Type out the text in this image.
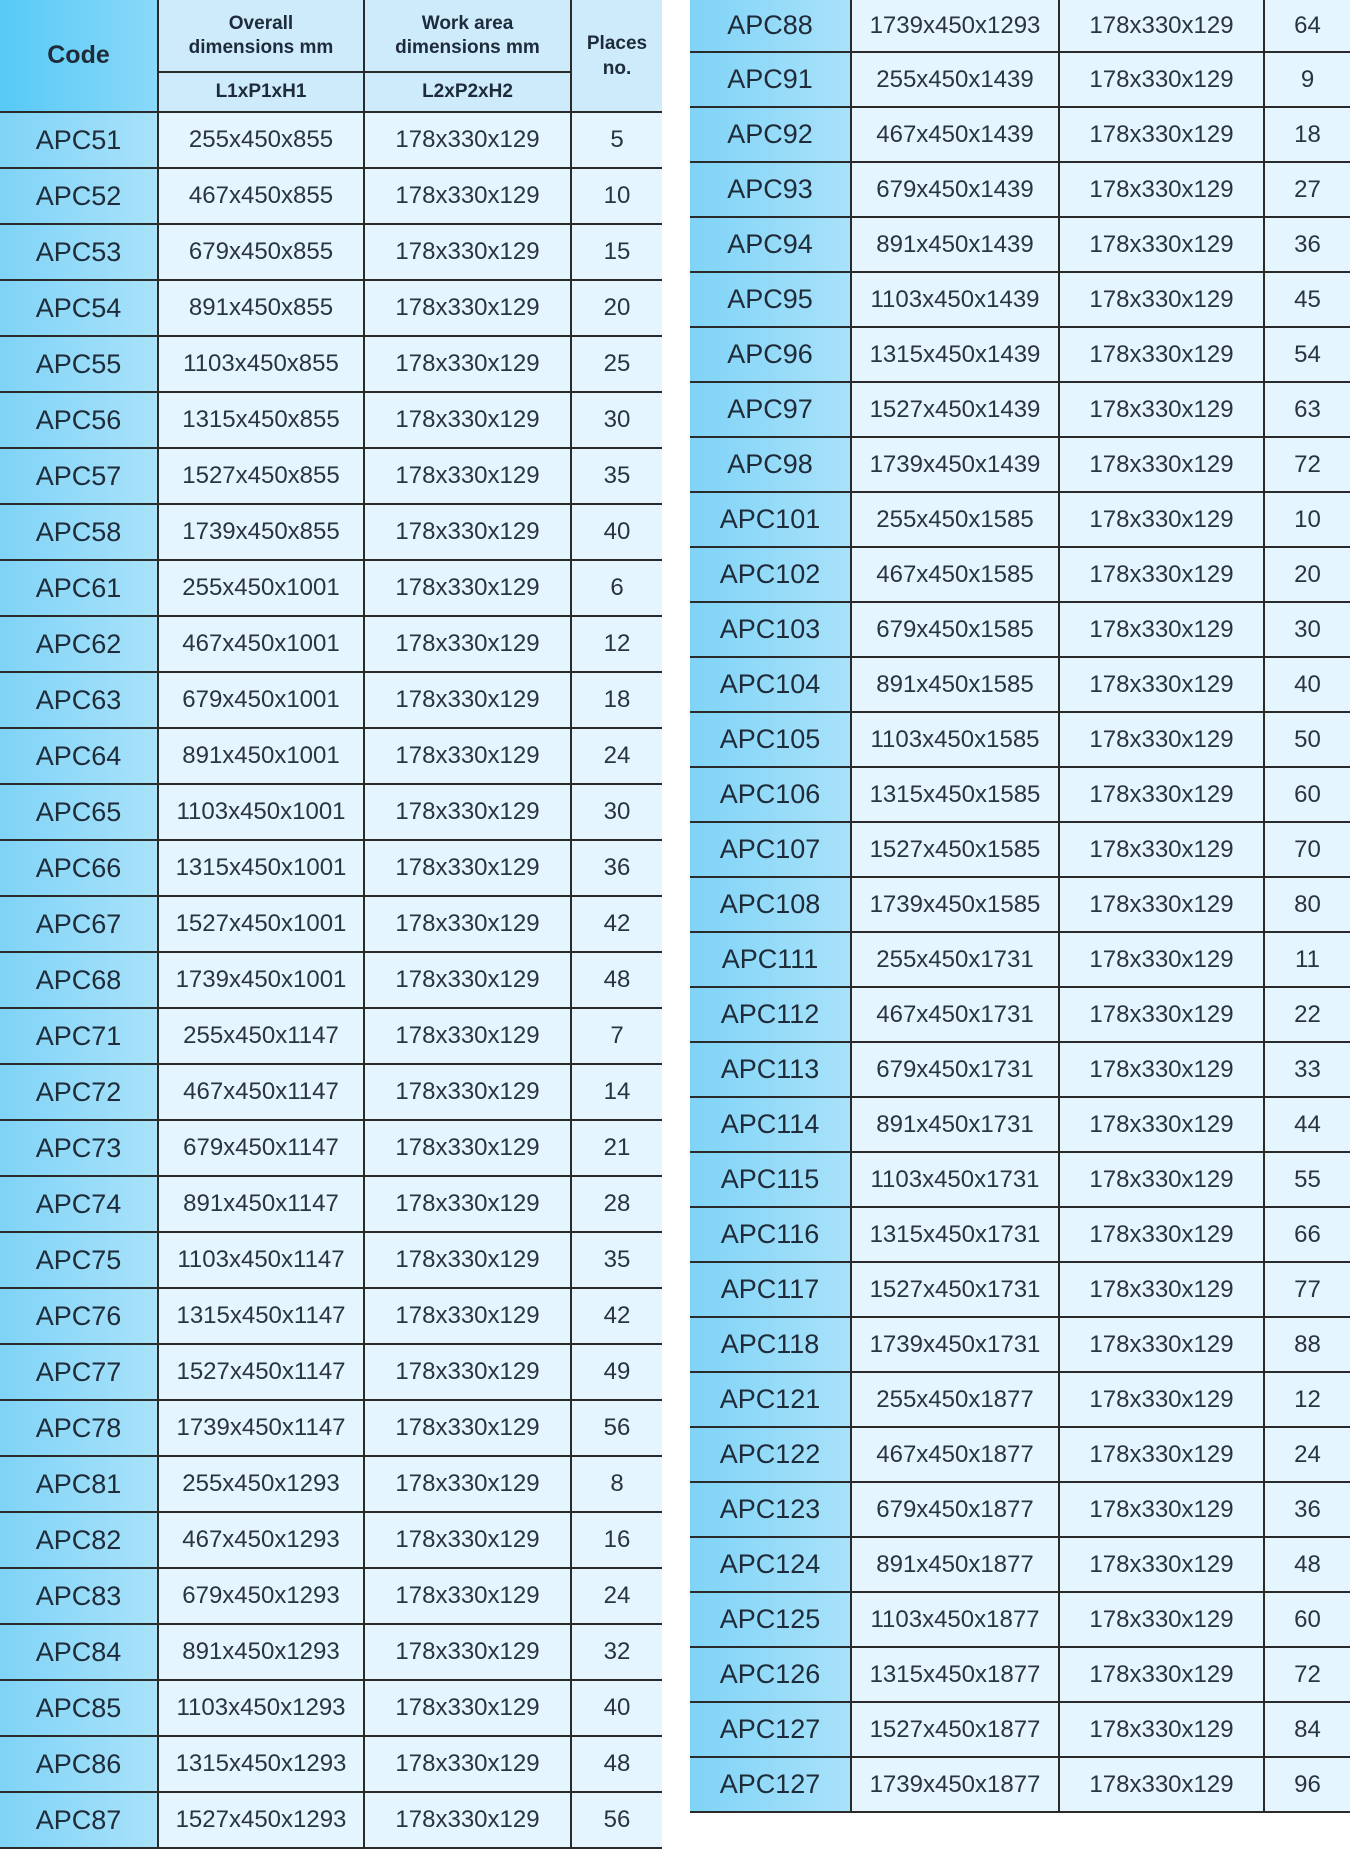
Code	Overall dimensions mm	Work area dimensions mm	Places no.
	L1xP1xH1	L2xP2xH2	
APC51	255x450x855	178x330x129	5
APC52	467x450x855	178x330x129	10
APC53	679x450x855	178x330x129	15
APC54	891x450x855	178x330x129	20
APC55	1103x450x855	178x330x129	25
APC56	1315x450x855	178x330x129	30
APC57	1527x450x855	178x330x129	35
APC58	1739x450x855	178x330x129	40
APC61	255x450x1001	178x330x129	6
APC62	467x450x1001	178x330x129	12
APC63	679x450x1001	178x330x129	18
APC64	891x450x1001	178x330x129	24
APC65	1103x450x1001	178x330x129	30
APC66	1315x450x1001	178x330x129	36
APC67	1527x450x1001	178x330x129	42
APC68	1739x450x1001	178x330x129	48
APC71	255x450x1147	178x330x129	7
APC72	467x450x1147	178x330x129	14
APC73	679x450x1147	178x330x129	21
APC74	891x450x1147	178x330x129	28
APC75	1103x450x1147	178x330x129	35
APC76	1315x450x1147	178x330x129	42
APC77	1527x450x1147	178x330x129	49
APC78	1739x450x1147	178x330x129	56
APC81	255x450x1293	178x330x129	8
APC82	467x450x1293	178x330x129	16
APC83	679x450x1293	178x330x129	24
APC84	891x450x1293	178x330x129	32
APC85	1103x450x1293	178x330x129	40
APC86	1315x450x1293	178x330x129	48
APC87	1527x450x1293	178x330x129	56
APC88	1739x450x1293	178x330x129	64
APC91	255x450x1439	178x330x129	9
APC92	467x450x1439	178x330x129	18
APC93	679x450x1439	178x330x129	27
APC94	891x450x1439	178x330x129	36
APC95	1103x450x1439	178x330x129	45
APC96	1315x450x1439	178x330x129	54
APC97	1527x450x1439	178x330x129	63
APC98	1739x450x1439	178x330x129	72
APC101	255x450x1585	178x330x129	10
APC102	467x450x1585	178x330x129	20
APC103	679x450x1585	178x330x129	30
APC104	891x450x1585	178x330x129	40
APC105	1103x450x1585	178x330x129	50
APC106	1315x450x1585	178x330x129	60
APC107	1527x450x1585	178x330x129	70
APC108	1739x450x1585	178x330x129	80
APC111	255x450x1731	178x330x129	11
APC112	467x450x1731	178x330x129	22
APC113	679x450x1731	178x330x129	33
APC114	891x450x1731	178x330x129	44
APC115	1103x450x1731	178x330x129	55
APC116	1315x450x1731	178x330x129	66
APC117	1527x450x1731	178x330x129	77
APC118	1739x450x1731	178x330x129	88
APC121	255x450x1877	178x330x129	12
APC122	467x450x1877	178x330x129	24
APC123	679x450x1877	178x330x129	36
APC124	891x450x1877	178x330x129	48
APC125	1103x450x1877	178x330x129	60
APC126	1315x450x1877	178x330x129	72
APC127	1527x450x1877	178x330x129	84
APC127	1739x450x1877	178x330x129	96
